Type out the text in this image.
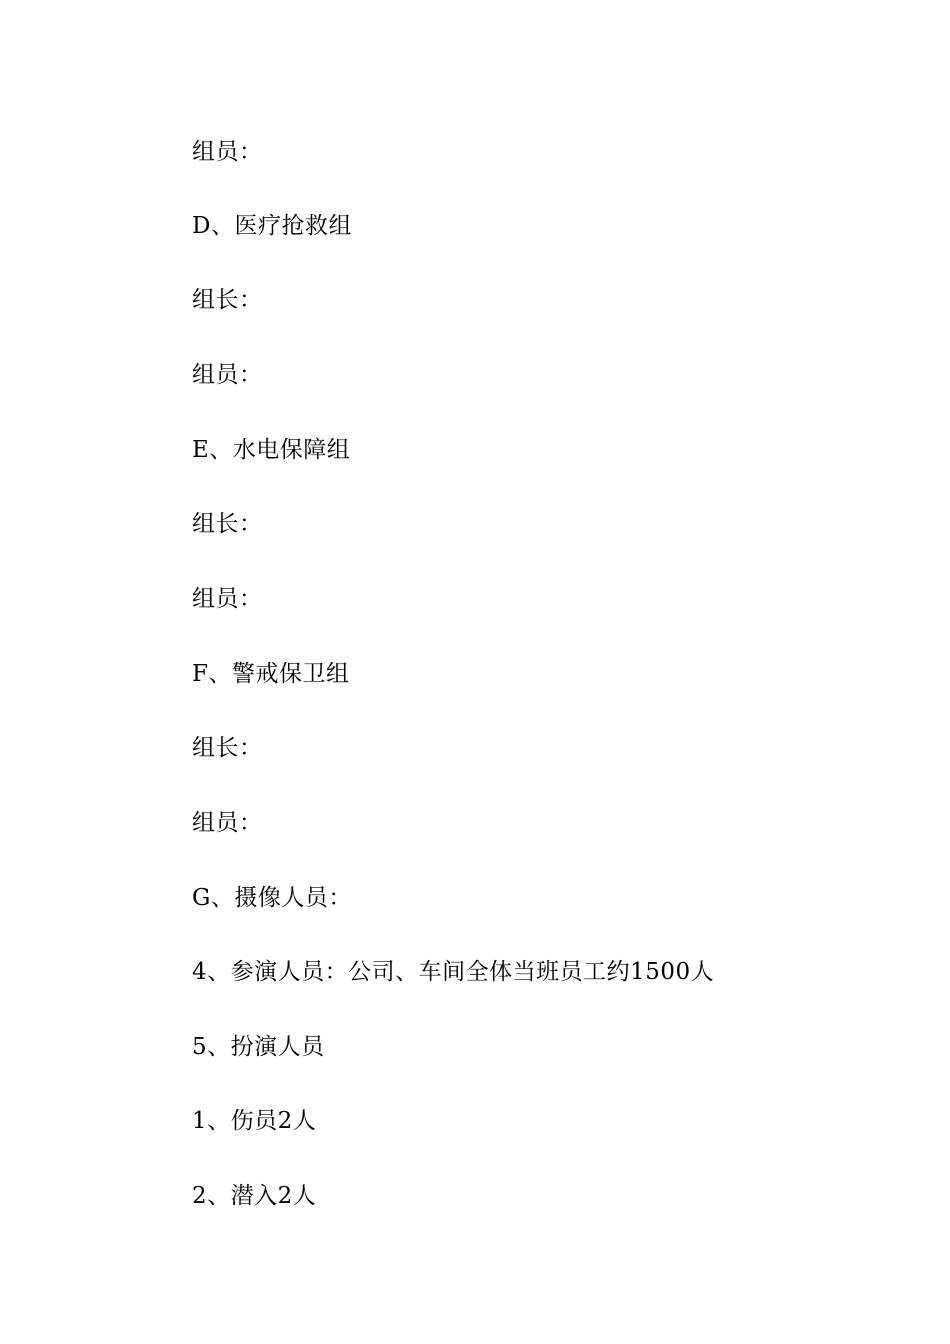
组员：
D、医疗抢救组
组长：
组员：
E、水电保障组
组长：
组员：
F、警戒保卫组
组长：
组员：
G、摄像人员：
4、参演人员：公司、车间全体当班员工约1500人
5、扮演人员
1、伤员2人
2、潜入2人
